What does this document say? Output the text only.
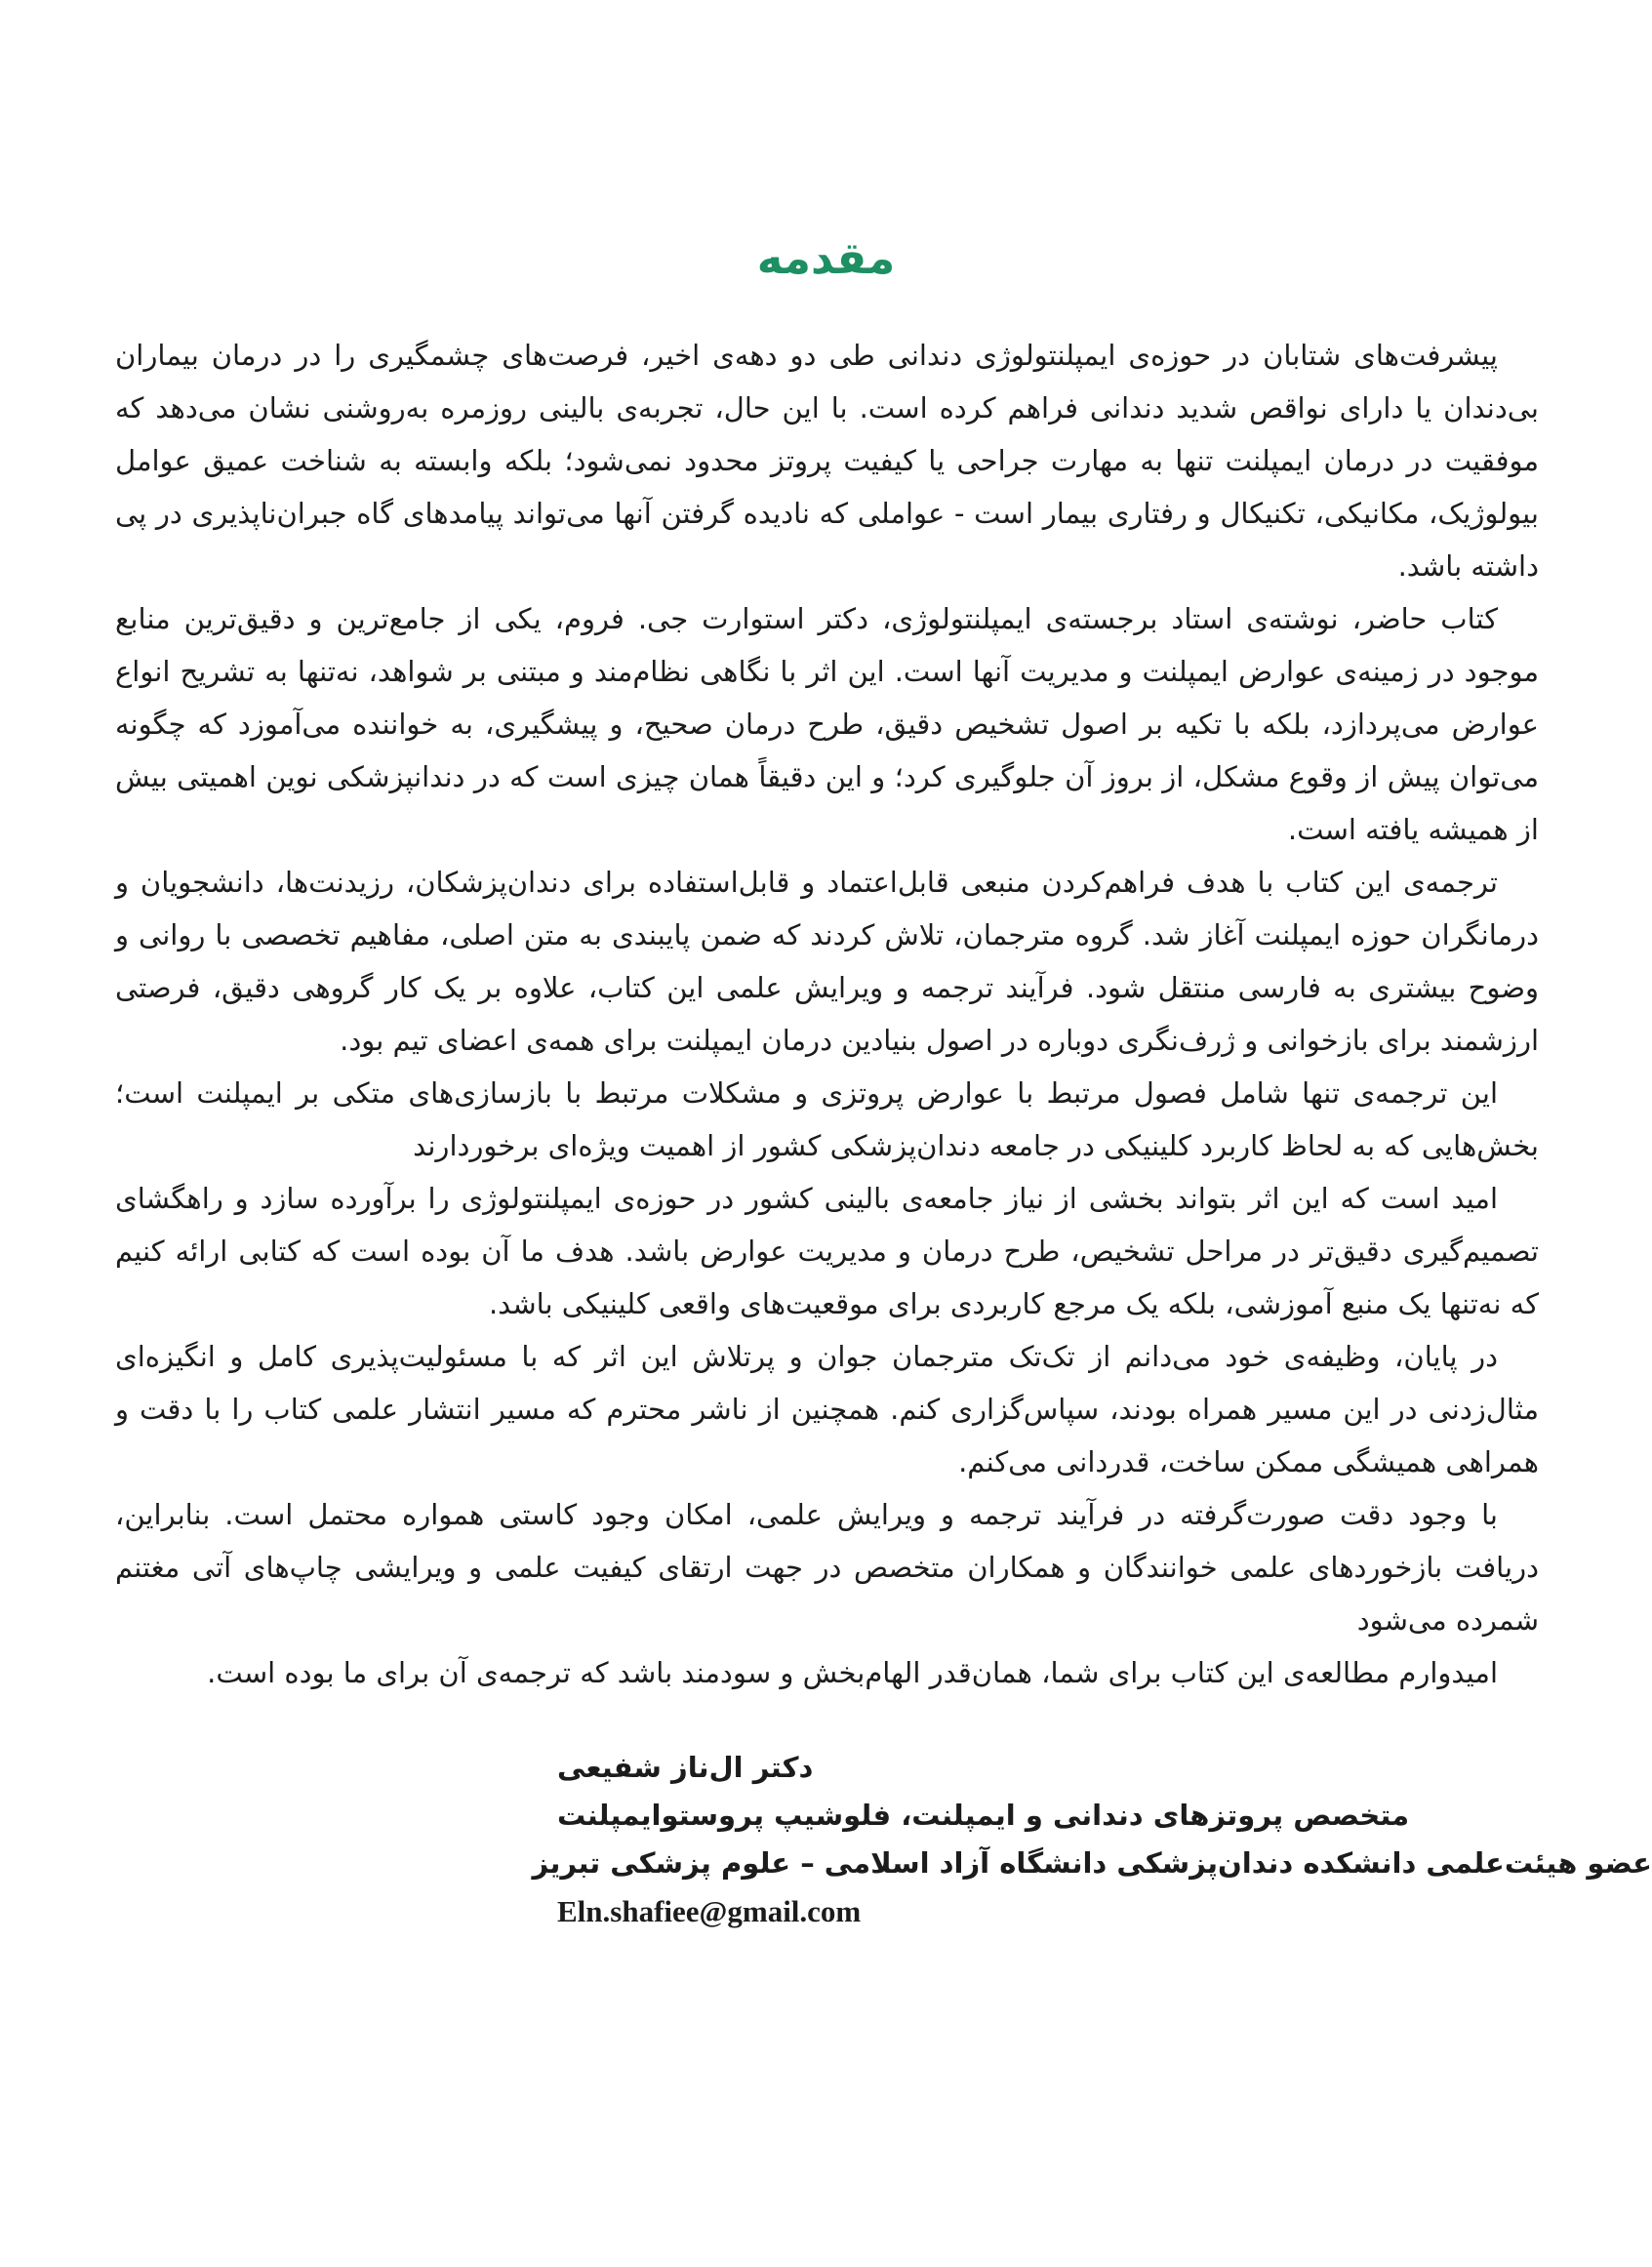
مقدمه

پیشرفت‌های شتابان در حوزه‌ی ایمپلنتولوژی دندانی طی دو دهه‌ی اخیر، فرصت‌های چشمگیری را در درمان بیماران بی‌دندان یا دارای نواقص شدید دندانی فراهم کرده است. با این حال، تجربه‌ی بالینی روزمره به‌روشنی نشان می‌دهد که موفقیت در درمان ایمپلنت تنها به مهارت جراحی یا کیفیت پروتز محدود نمی‌شود؛ بلکه وابسته به شناخت عمیق عوامل بیولوژیک، مکانیکی، تکنیکال و رفتاری بیمار است - عواملی که نادیده گرفتن آنها می‌تواند پیامدهای گاه جبران‌ناپذیری در پی داشته باشد.

کتاب حاضر، نوشته‌ی استاد برجسته‌ی ایمپلنتولوژی، دکتر استوارت جی. فروم، یکی از جامع‌ترین و دقیق‌ترین منابع موجود در زمینه‌ی عوارض ایمپلنت و مدیریت آنها است. این اثر با نگاهی نظام‌مند و مبتنی بر شواهد، نه‌تنها به تشریح انواع عوارض می‌پردازد، بلکه با تکیه بر اصول تشخیص دقیق، طرح درمان صحیح، و پیشگیری، به خواننده می‌آموزد که چگونه می‌توان پیش از وقوع مشکل، از بروز آن جلوگیری کرد؛ و این دقیقاً همان چیزی است که در دندانپزشکی نوین اهمیتی بیش از همیشه یافته است.

ترجمه‌ی این کتاب با هدف فراهم‌کردن منبعی قابل‌اعتماد و قابل‌استفاده برای دندان‌پزشکان، رزیدنت‌ها، دانشجویان و درمانگران حوزه ایمپلنت آغاز شد. گروه مترجمان، تلاش کردند که ضمن پایبندی به متن اصلی، مفاهیم تخصصی با روانی و وضوح بیشتری به فارسی منتقل شود. فرآیند ترجمه و ویرایش علمی این کتاب، علاوه بر یک کار گروهی دقیق، فرصتی ارزشمند برای بازخوانی و ژرف‌نگری دوباره در اصول بنیادین درمان ایمپلنت برای همه‌ی اعضای تیم بود.

این ترجمه‌ی تنها شامل فصول مرتبط با عوارض پروتزی و مشکلات مرتبط با بازسازی‌های متکی بر ایمپلنت است؛ بخش‌هایی که به لحاظ کاربرد کلینیکی در جامعه دندان‌پزشکی کشور از اهمیت ویژه‌ای برخوردارند

امید است که این اثر بتواند بخشی از نیاز جامعه‌ی بالینی کشور در حوزه‌ی ایمپلنتولوژی را برآورده سازد و راهگشای تصمیم‌گیری دقیق‌تر در مراحل تشخیص، طرح درمان و مدیریت عوارض باشد. هدف ما آن بوده است که کتابی ارائه کنیم که نه‌تنها یک منبع آموزشی، بلکه یک مرجع کاربردی برای موقعیت‌های واقعی کلینیکی باشد.

در پایان، وظیفه‌ی خود می‌دانم از تک‌تک مترجمان جوان و پرتلاش این اثر که با مسئولیت‌پذیری کامل و انگیزه‌ای مثال‌زدنی در این مسیر همراه بودند، سپاس‌گزاری کنم. همچنین از ناشر محترم که مسیر انتشار علمی کتاب را با دقت و همراهی همیشگی ممکن ساخت، قدردانی می‌کنم.

با وجود دقت صورت‌گرفته در فرآیند ترجمه و ویرایش علمی، امکان وجود کاستی همواره محتمل است. بنابراین، دریافت بازخوردهای علمی خوانندگان و همکاران متخصص در جهت ارتقای کیفیت علمی و ویرایشی چاپ‌های آتی مغتنم شمرده می‌شود

امیدوارم مطالعه‌ی این کتاب برای شما، همان‌قدر الهام‌بخش و سودمند باشد که ترجمه‌ی آن برای ما بوده است.

دکتر ال‌ناز شفیعی
متخصص پروتزهای دندانی و ایمپلنت، فلوشیپ پروستوایمپلنت
عضو هیئت‌علمی دانشکده دندان‌پزشکی دانشگاه آزاد اسلامی – علوم پزشکی تبریز
Eln.shafiee@gmail.com
